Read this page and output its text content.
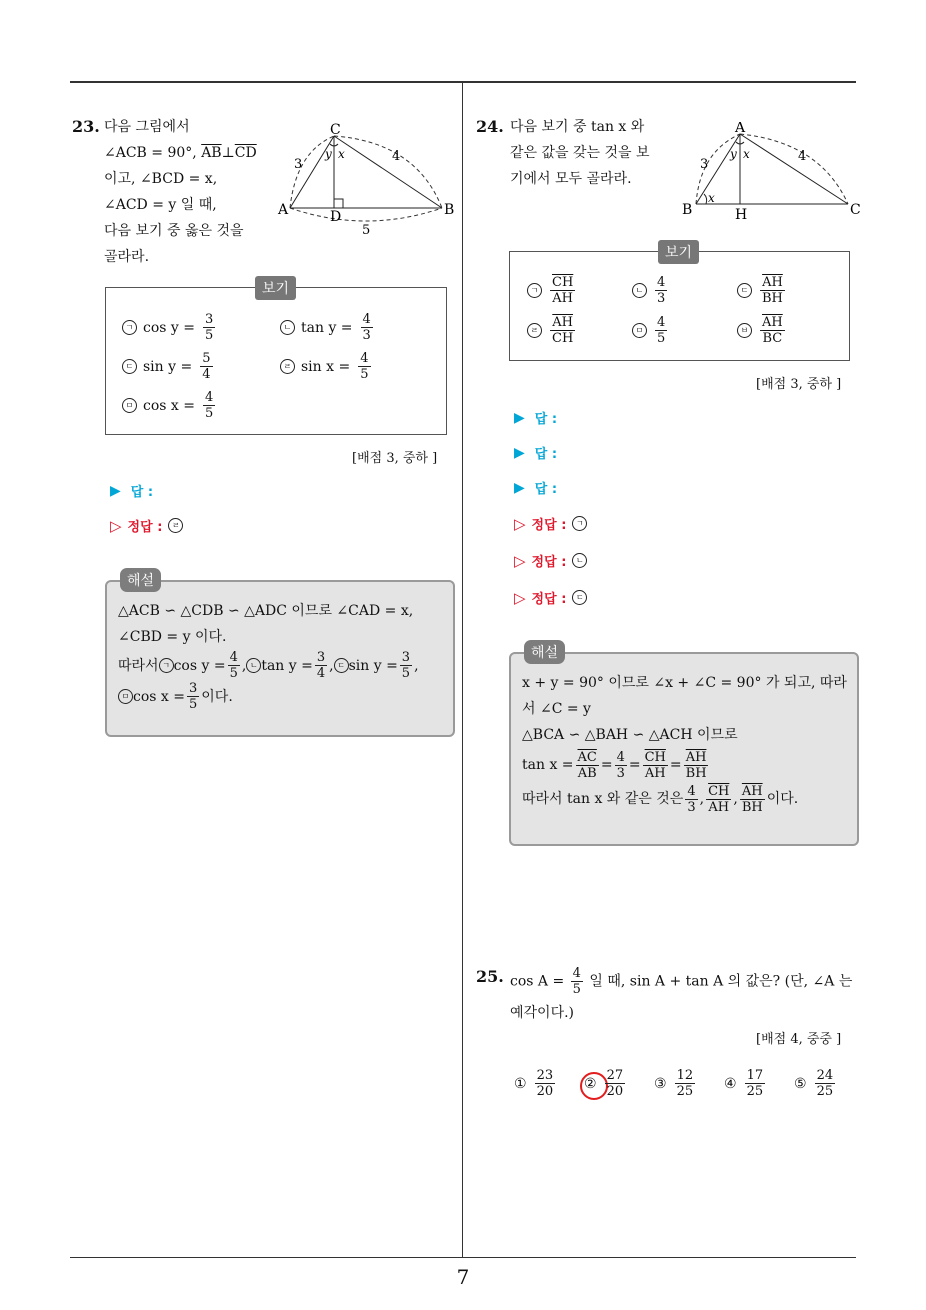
7
23. 다음 그림에서
∠ACB = 90°, $\overline{AB}\perp\overline{CD}$
이고, ∠BCD = x,
∠ACD = y 일 때,
다음 보기 중 옳은 것을
골라라.
C
A	B
D
y x
3
4
5
보기
ㄱ $\cos y = \frac{3}{5}$	ㄴ $\tan y = \frac{4}{3}$
ㄷ $\sin y = \frac{5}{4}$	ㄹ $\sin x = \frac{4}{5}$
ㅁ $\cos x = \frac{4}{5}$
[배점 3, 중하 ]
▶ 답 :
▷ 정답 :	ㄹ
해설
△ACB ∽ △CDB ∽ △ADC 이므로 ∠CAD = x,
∠CBD = y 이다.
따라서 ㄱ $\cos y = \frac{4}{5}$ , ㄴ $\tan y = \frac{3}{4}$ , ㄷ $\sin y = \frac{3}{5}$ ,
ㅁ $\cos x = \frac{3}{5}$ 이다.
24. 다음 보기 중 tan x 와
같은 값을 갖는 것을 보
기에서 모두 골라라.
A
B	C
H
y x
x
3
4
보기
ㄱ $\frac{\overline{CH}}{AH}$	ㄴ $\frac{4}{3}$	ㄷ $\frac{\overline{AH}}{BH}$
ㄹ $\frac{\overline{AH}}{CH}$	ㅁ $\frac{4}{5}$	ㅂ $\frac{\overline{AH}}{BC}$
[배점 3, 중하 ]
▶ 답 :
▶ 답 :
▶ 답 :
▷ 정답 :	ㄱ
▷ 정답 :	ㄴ
▷ 정답 :	ㄷ
해설
x + y = 90° 이므로 ∠x + ∠C = 90° 가 되고, 따라
서 ∠C = y
△BCA ∽ △BAH ∽ △ACH 이므로
$\tan x = \frac{\overline{AC}}{AB} = \frac{4}{3} = \frac{\overline{CH}}{AH} = \frac{\overline{AH}}{BH}$
따라서 tan x 와 같은 것은 $\frac{4}{3}$ , $\frac{\overline{CH}}{AH}$ , $\frac{\overline{AH}}{BH}$ 이다.
25. $\cos A = \frac{4}{5}$ 일 때, sin A + tan A 의 값은? (단, ∠A 는
예각이다.)
[배점 4, 중중 ]
① $\frac{23}{20}$ ② $\frac{27}{20}$ ③ $\frac{12}{25}$ ④ $\frac{17}{25}$ ⑤ $\frac{24}{25}$
